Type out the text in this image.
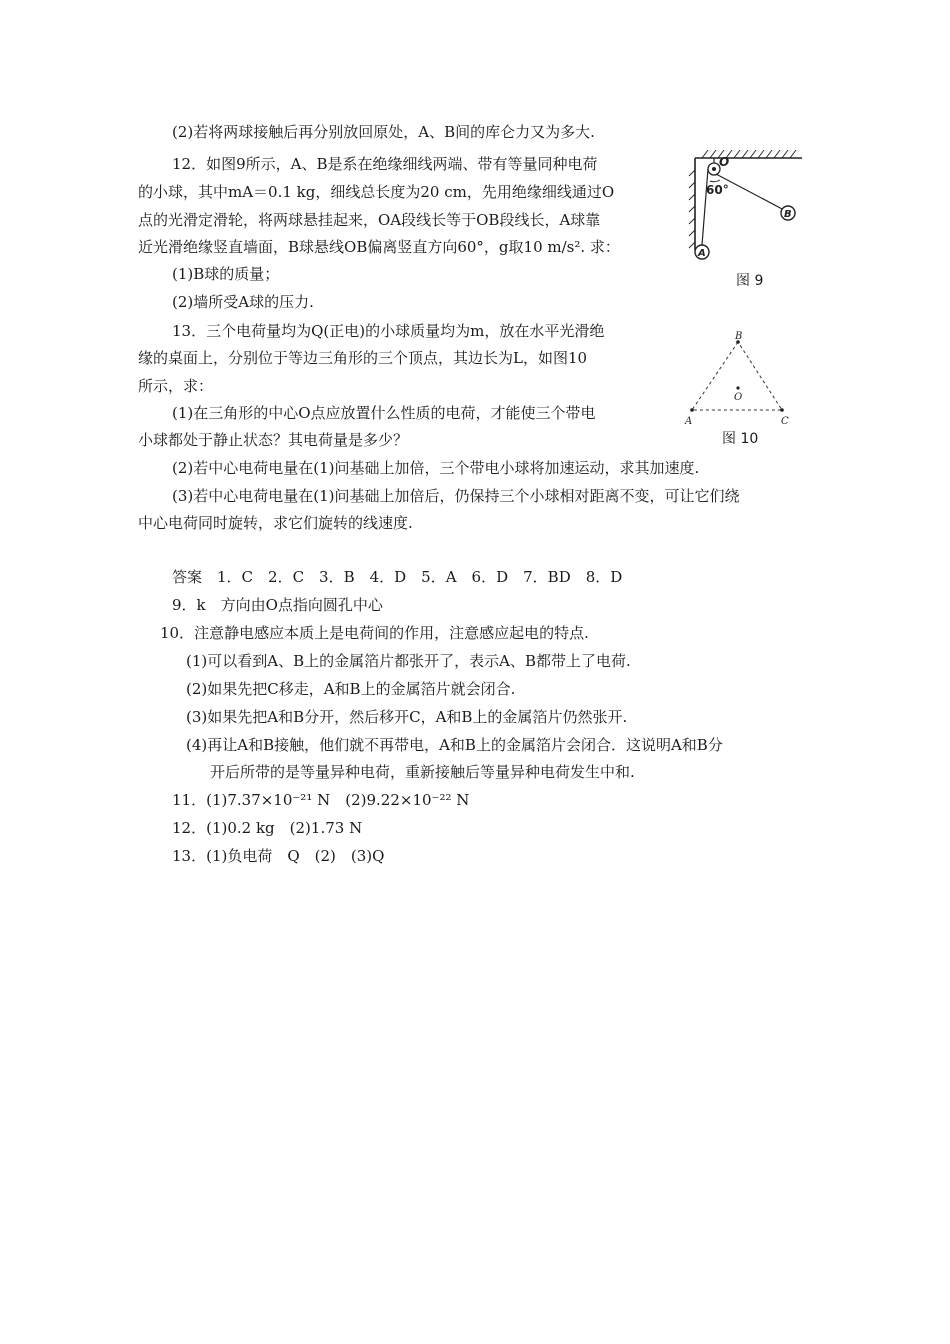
(2)若将两球接触后再分别放回原处，A、B间的库仑力又为多大.
12．如图9所示，A、B是系在绝缘细线两端、带有等量同种电荷
的小球，其中mA＝0.1 kg，细线总长度为20 cm，先用绝缘细线通过O
点的光滑定滑轮，将两球悬挂起来，OA段线长等于OB段线长，A球靠
近光滑绝缘竖直墙面，B球悬线OB偏离竖直方向60°，g取10 m/s². 求：
(1)B球的质量；
(2)墙所受A球的压力.
O
60°
B
A
图 9
13．三个电荷量均为Q(正电)的小球质量均为m，放在水平光滑绝
缘的桌面上，分别位于等边三角形的三个顶点，其边长为L，如图10
所示，求：
(1)在三角形的中心O点应放置什么性质的电荷，才能使三个带电
小球都处于静止状态？其电荷量是多少？
(2)若中心电荷电量在(1)问基础上加倍，三个带电小球将加速运动，求其加速度.
(3)若中心电荷电量在(1)问基础上加倍后，仍保持三个小球相对距离不变，可让它们绕
中心电荷同时旋转，求它们旋转的线速度.
B
A	C
O
图 10
答案　1．C　2．C　3．B　4．D　5．A　6．D　7．BD　8．D
9．k　方向由O点指向圆孔中心
10．注意静电感应本质上是电荷间的作用，注意感应起电的特点.
(1)可以看到A、B上的金属箔片都张开了，表示A、B都带上了电荷.
(2)如果先把C移走，A和B上的金属箔片就会闭合.
(3)如果先把A和B分开，然后移开C，A和B上的金属箔片仍然张开.
(4)再让A和B接触，他们就不再带电，A和B上的金属箔片会闭合．这说明A和B分
开后所带的是等量异种电荷，重新接触后等量异种电荷发生中和.
11．(1)7.37×10⁻²¹ N　(2)9.22×10⁻²² N
12．(1)0.2 kg　(2)1.73 N
13．(1)负电荷　Q　(2)　(3)Q
